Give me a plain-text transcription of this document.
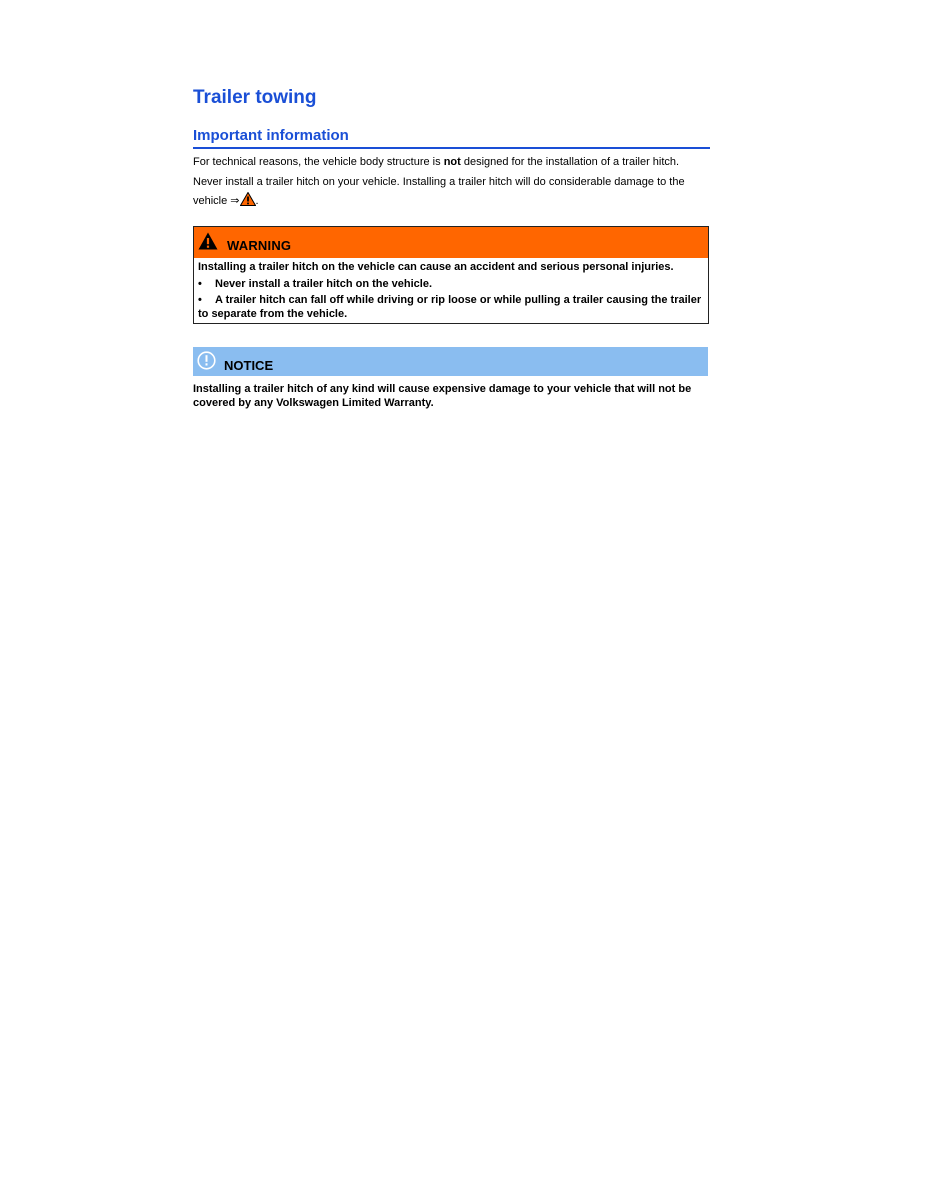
Trailer towing
Important information

For technical reasons, the vehicle body structure is not designed for the installation of a trailer hitch.

Never install a trailer hitch on your vehicle. Installing a trailer hitch will do considerable damage to the vehicle ⇒ .

WARNING

Installing a trailer hitch on the vehicle can cause an accident and serious personal injuries.

• Never install a trailer hitch on the vehicle.
• A trailer hitch can fall off while driving or rip loose or while pulling a trailer causing the trailer to separate from the vehicle.
NOTICE

Installing a trailer hitch of any kind will cause expensive damage to your vehicle that will not be covered by any Volkswagen Limited Warranty.
